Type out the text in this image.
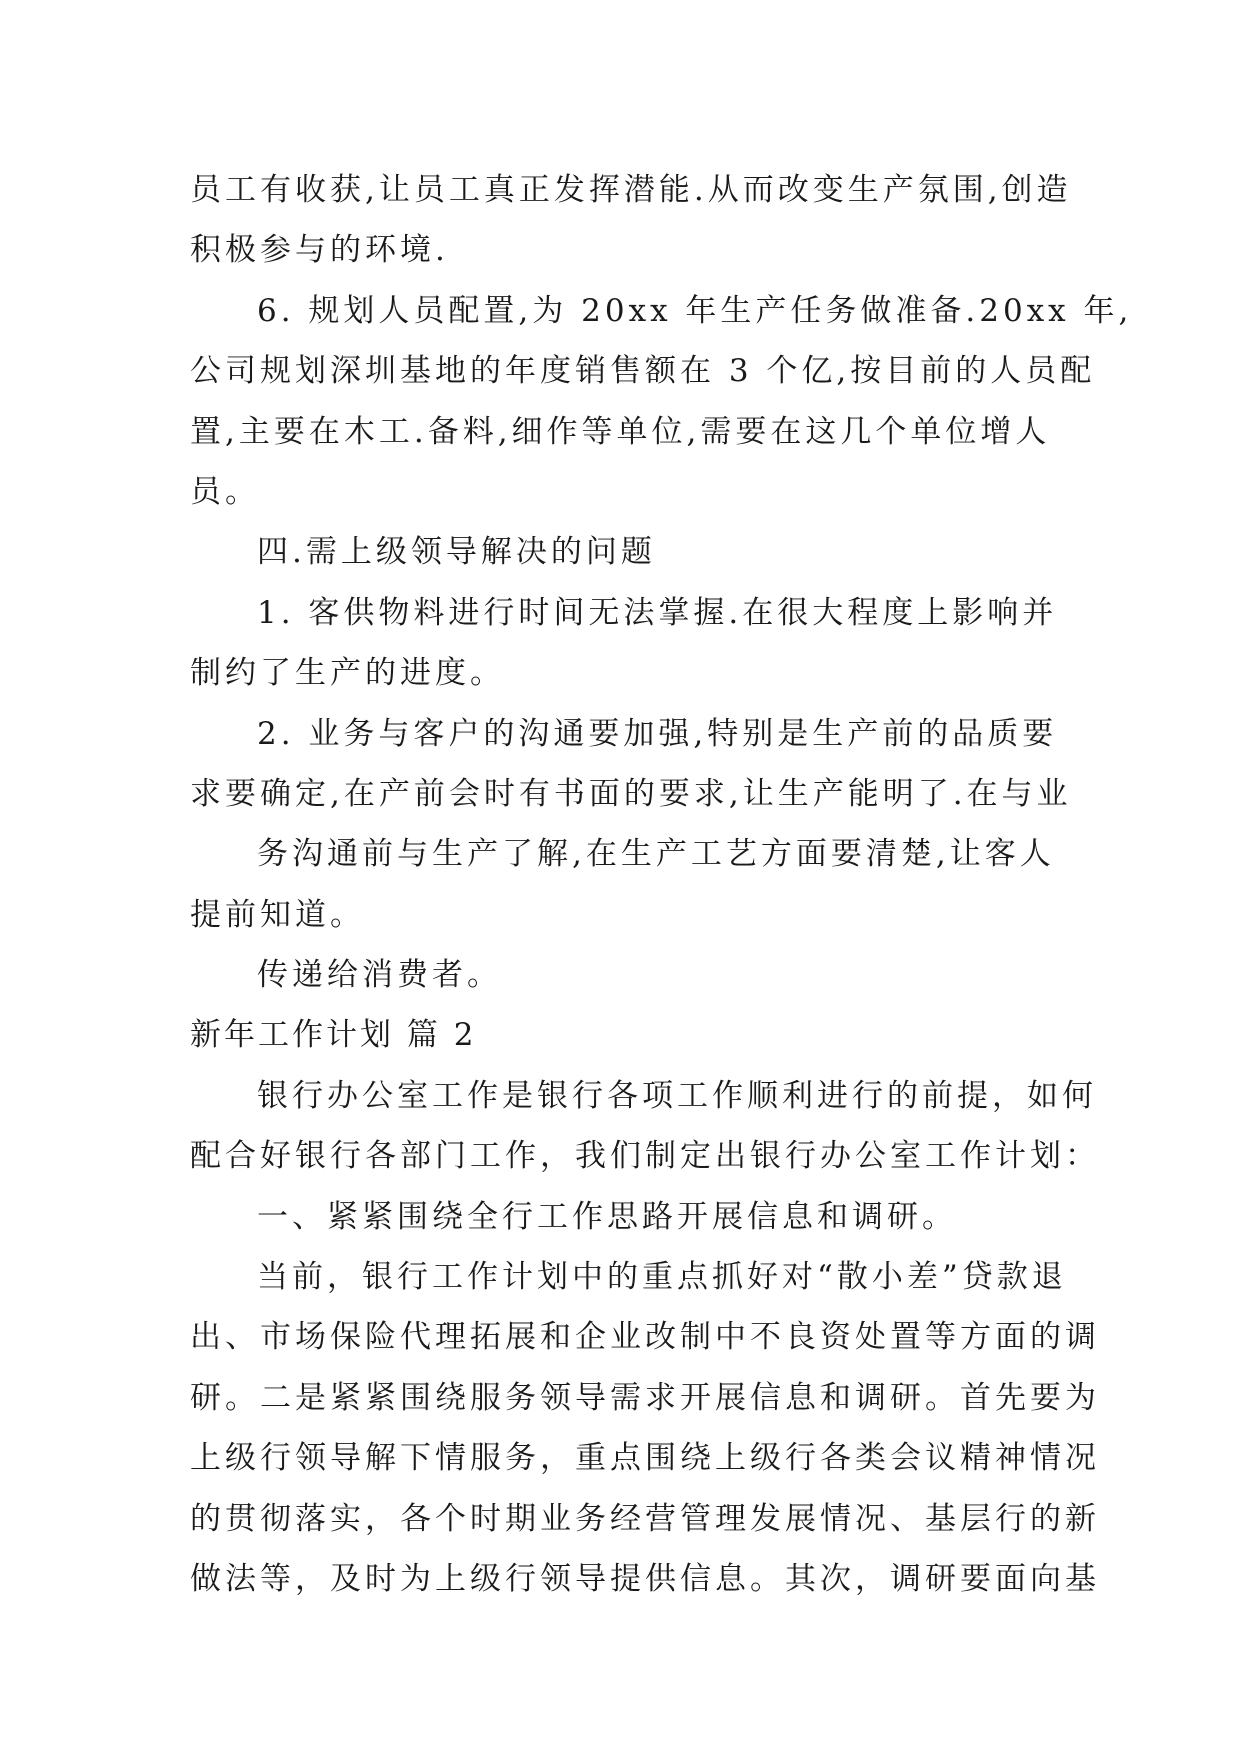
员工有收获,让员工真正发挥潜能.从而改变生产氛围,创造
积极参与的环境.
6. 规划人员配置,为 20xx 年生产任务做准备.20xx 年,
公司规划深圳基地的年度销售额在 3 个亿,按目前的人员配
置,主要在木工.备料,细作等单位,需要在这几个单位增人
员。
四.需上级领导解决的问题
1. 客供物料进行时间无法掌握.在很大程度上影响并
制约了生产的进度。
2. 业务与客户的沟通要加强,特别是生产前的品质要
求要确定,在产前会时有书面的要求,让生产能明了.在与业
务沟通前与生产了解,在生产工艺方面要清楚,让客人
提前知道。
传递给消费者。
新年工作计划 篇 2
银行办公室工作是银行各项工作顺利进行的前提，如何
配合好银行各部门工作，我们制定出银行办公室工作计划：
一、紧紧围绕全行工作思路开展信息和调研。
当前，银行工作计划中的重点抓好对“散小差”贷款退
出、市场保险代理拓展和企业改制中不良资处置等方面的调
研。二是紧紧围绕服务领导需求开展信息和调研。首先要为
上级行领导解下情服务，重点围绕上级行各类会议精神情况
的贯彻落实，各个时期业务经营管理发展情况、基层行的新
做法等，及时为上级行领导提供信息。其次，调研要面向基
